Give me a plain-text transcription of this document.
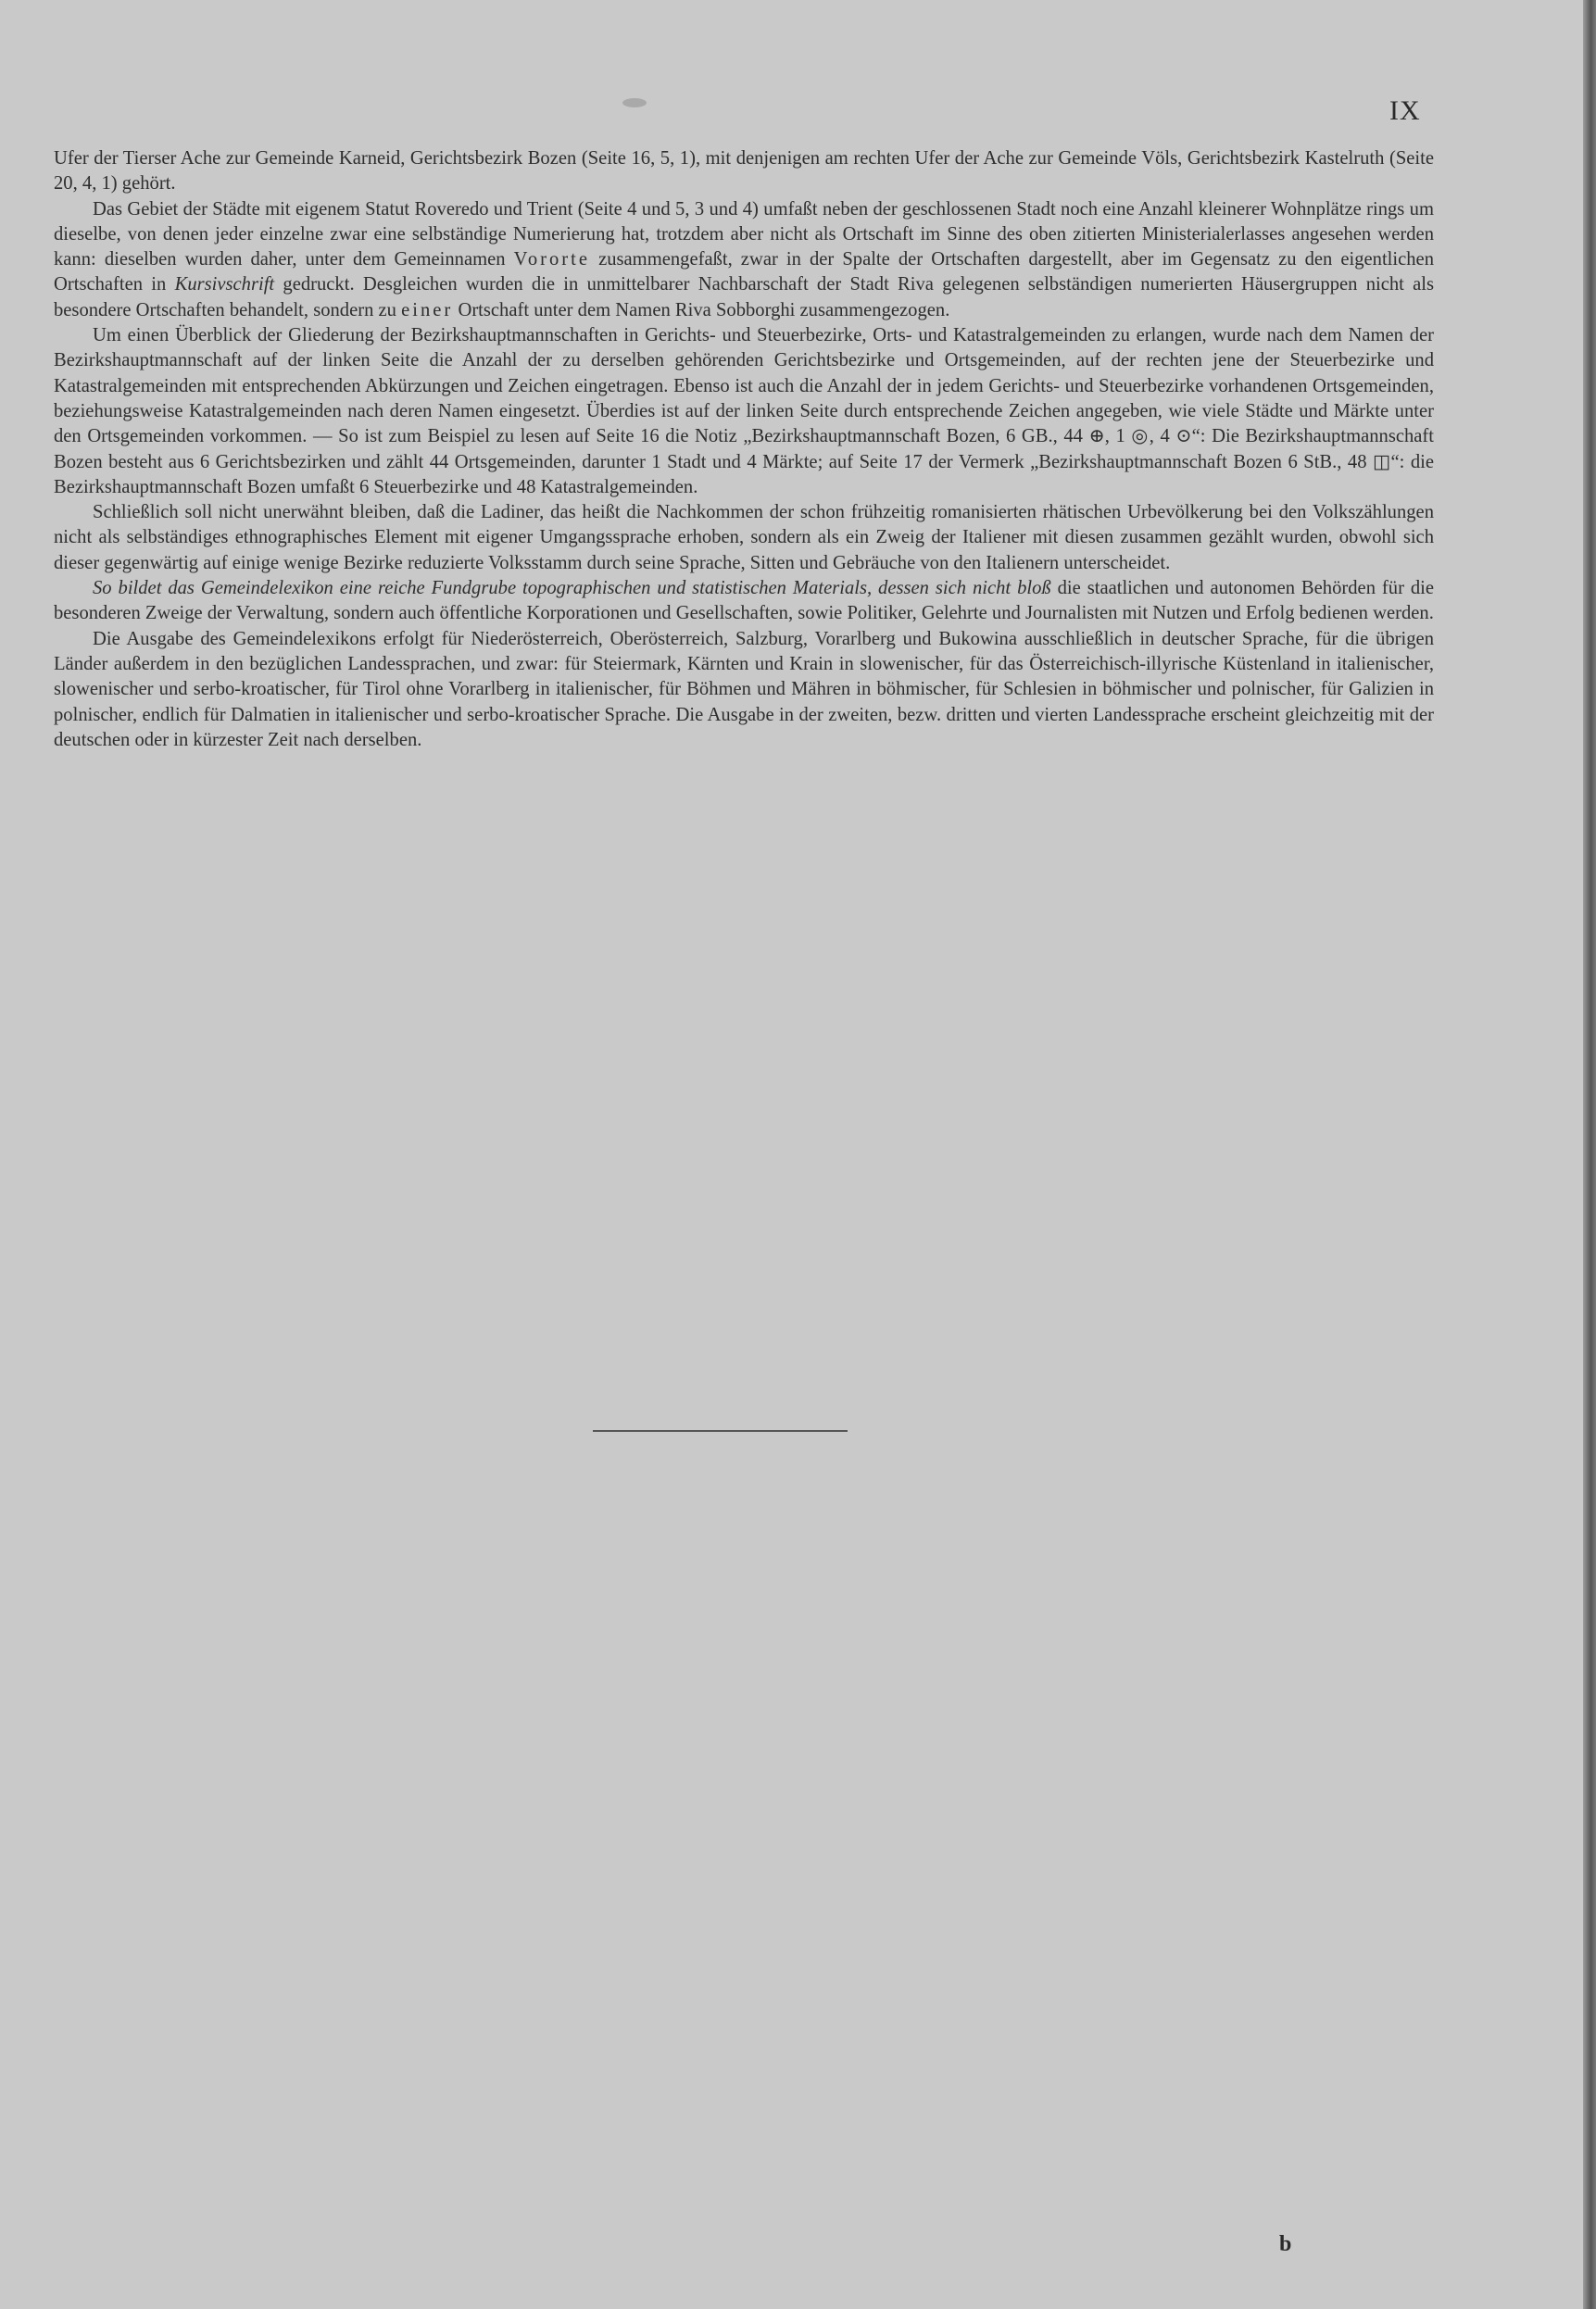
IX

Ufer der Tierser Ache zur Gemeinde Karneid, Gerichtsbezirk Bozen (Seite 16, 5, 1), mit denjenigen am rechten Ufer der Ache zur Gemeinde Völs, Gerichtsbezirk Kastelruth (Seite 20, 4, 1) gehört.

Das Gebiet der Städte mit eigenem Statut Roveredo und Trient (Seite 4 und 5, 3 und 4) umfaßt neben der geschlossenen Stadt noch eine Anzahl kleinerer Wohnplätze rings um dieselbe, von denen jeder einzelne zwar eine selbständige Numerierung hat, trotzdem aber nicht als Ortschaft im Sinne des oben zitierten Ministerialerlasses angesehen werden kann: dieselben wurden daher, unter dem Gemeinnamen Vororte zusammengefaßt, zwar in der Spalte der Ortschaften dargestellt, aber im Gegensatz zu den eigentlichen Ortschaften in Kursivschrift gedruckt. Desgleichen wurden die in unmittelbarer Nachbarschaft der Stadt Riva gelegenen selbständigen numerierten Häusergruppen nicht als besondere Ortschaften behandelt, sondern zu einer Ortschaft unter dem Namen Riva Sobborghi zusammengezogen.

Um einen Überblick der Gliederung der Bezirkshauptmannschaften in Gerichts- und Steuerbezirke, Orts- und Katastralgemeinden zu erlangen, wurde nach dem Namen der Bezirkshauptmannschaft auf der linken Seite die Anzahl der zu derselben gehörenden Gerichtsbezirke und Ortsgemeinden, auf der rechten jene der Steuerbezirke und Katastralgemeinden mit entsprechenden Abkürzungen und Zeichen eingetragen. Ebenso ist auch die Anzahl der in jedem Gerichts- und Steuerbezirke vorhandenen Ortsgemeinden, beziehungsweise Katastralgemeinden nach deren Namen eingesetzt. Überdies ist auf der linken Seite durch entsprechende Zeichen angegeben, wie viele Städte und Märkte unter den Ortsgemeinden vorkommen. — So ist zum Beispiel zu lesen auf Seite 16 die Notiz „Bezirkshauptmannschaft Bozen, 6 GB., 44 ⊕, 1 ◎, 4 ⊙“: Die Bezirkshauptmannschaft Bozen besteht aus 6 Gerichtsbezirken und zählt 44 Ortsgemeinden, darunter 1 Stadt und 4 Märkte; auf Seite 17 der Vermerk „Bezirkshauptmannschaft Bozen 6 StB., 48 ◫“: die Bezirkshauptmannschaft Bozen umfaßt 6 Steuerbezirke und 48 Katastralgemeinden.

Schließlich soll nicht unerwähnt bleiben, daß die Ladiner, das heißt die Nachkommen der schon frühzeitig romanisierten rhätischen Urbevölkerung bei den Volkszählungen nicht als selbständiges ethnographisches Element mit eigener Umgangssprache erhoben, sondern als ein Zweig der Italiener mit diesen zusammen gezählt wurden, obwohl sich dieser gegenwärtig auf einige wenige Bezirke reduzierte Volksstamm durch seine Sprache, Sitten und Gebräuche von den Italienern unterscheidet.

So bildet das Gemeindelexikon eine reiche Fundgrube topographischen und statistischen Materials, dessen sich nicht bloß die staatlichen und autonomen Behörden für die besonderen Zweige der Verwaltung, sondern auch öffentliche Korporationen und Gesellschaften, sowie Politiker, Gelehrte und Journalisten mit Nutzen und Erfolg bedienen werden.

Die Ausgabe des Gemeindelexikons erfolgt für Niederösterreich, Oberösterreich, Salzburg, Vorarlberg und Bukowina ausschließlich in deutscher Sprache, für die übrigen Länder außerdem in den bezüglichen Landessprachen, und zwar: für Steiermark, Kärnten und Krain in slowenischer, für das Österreichisch-illyrische Küstenland in italienischer, slowenischer und serbo-kroatischer, für Tirol ohne Vorarlberg in italienischer, für Böhmen und Mähren in böhmischer, für Schlesien in böhmischer und polnischer, für Galizien in polnischer, endlich für Dalmatien in italienischer und serbo-kroatischer Sprache. Die Ausgabe in der zweiten, bezw. dritten und vierten Landessprache erscheint gleichzeitig mit der deutschen oder in kürzester Zeit nach derselben.

b
